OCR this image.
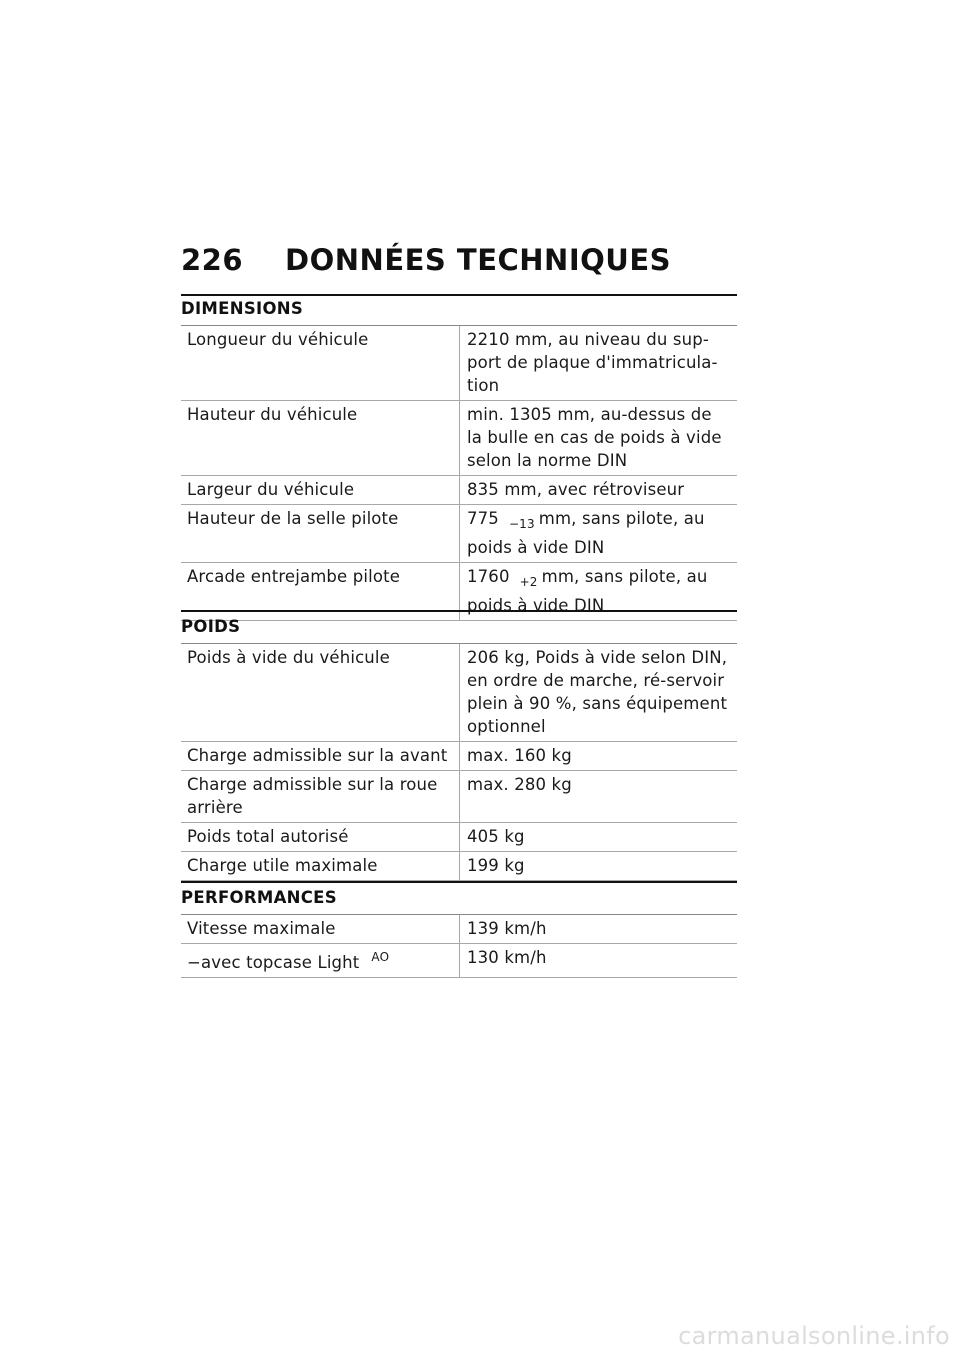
226 DONNÉES TECHNIQUES
DIMENSIONS
Longueur du véhicule	2210 mm, au niveau du sup-port de plaque d'immatricula-tion
Hauteur du véhicule	min. 1305 mm, au-dessus de la bulle en cas de poids à vide selon la norme DIN
Largeur du véhicule	835 mm, avec rétroviseur
Hauteur de la selle pilote	775 $_{-13}$ mm, sans pilote, au poids à vide DIN
Arcade entrejambe pilote	1760 $_{+2}$ mm, sans pilote, au poids à vide DIN
POIDS
Poids à vide du véhicule	206 kg, Poids à vide selon DIN, en ordre de marche, ré-servoir plein à 90 %, sans équipement optionnel
Charge admissible sur la avant	max. 160 kg
Charge admissible sur la roue arrière	max. 280 kg
Poids total autorisé	405 kg
Charge utile maximale	199 kg
PERFORMANCES
Vitesse maximale	139 km/h
−avec topcase Light $^{AO}$	130 km/h
carmanualsonline.info
